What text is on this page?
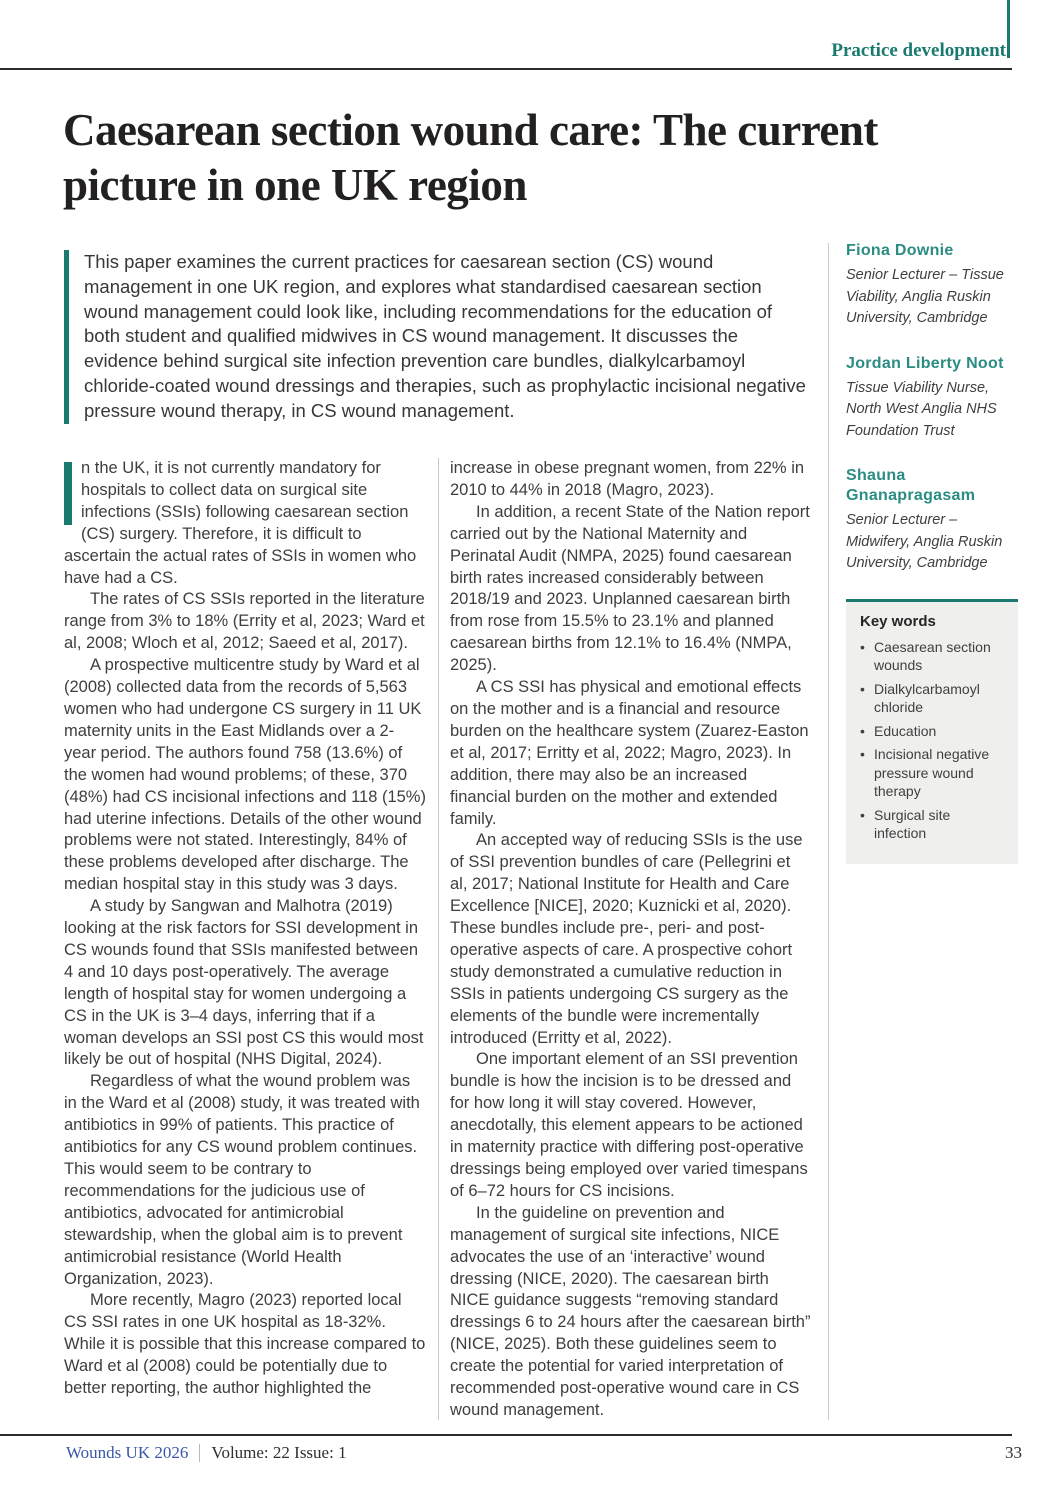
Practice development
Caesarean section wound care: The current picture in one UK region
This paper examines the current practices for caesarean section (CS) wound management in one UK region, and explores what standardised caesarean section wound management could look like, including recommendations for the education of both student and qualified midwives in CS wound management. It discusses the evidence behind surgical site infection prevention care bundles, dialkylcarbamoyl chloride-coated wound dressings and therapies, such as prophylactic incisional negative pressure wound therapy, in CS wound management.

n the UK, it is not currently mandatory for hospitals to collect data on surgical site infections (SSIs) following caesarean section (CS) surgery. Therefore, it is difficult to ascertain the actual rates of SSIs in women who have had a CS.

The rates of CS SSIs reported in the literature range from 3% to 18% (Errity et al, 2023; Ward et al, 2008; Wloch et al, 2012; Saeed et al, 2017).

A prospective multicentre study by Ward et al (2008) collected data from the records of 5,563 women who had undergone CS surgery in 11 UK maternity units in the East Midlands over a 2-year period. The authors found 758 (13.6%) of the women had wound problems; of these, 370 (48%) had CS incisional infections and 118 (15%) had uterine infections. Details of the other wound problems were not stated. Interestingly, 84% of these problems developed after discharge. The median hospital stay in this study was 3 days.

A study by Sangwan and Malhotra (2019) looking at the risk factors for SSI development in CS wounds found that SSIs manifested between 4 and 10 days post-operatively. The average length of hospital stay for women undergoing a CS in the UK is 3–4 days, inferring that if a woman develops an SSI post CS this would most likely be out of hospital (NHS Digital, 2024).

Regardless of what the wound problem was in the Ward et al (2008) study, it was treated with antibiotics in 99% of patients. This practice of antibiotics for any CS wound problem continues. This would seem to be contrary to recommendations for the judicious use of antibiotics, advocated for antimicrobial stewardship, when the global aim is to prevent antimicrobial resistance (World Health Organization, 2023).

More recently, Magro (2023) reported local CS SSI rates in one UK hospital as 18-32%. While it is possible that this increase compared to Ward et al (2008) could be potentially due to better reporting, the author highlighted the

increase in obese pregnant women, from 22% in 2010 to 44% in 2018 (Magro, 2023).

In addition, a recent State of the Nation report carried out by the National Maternity and Perinatal Audit (NMPA, 2025) found caesarean birth rates increased considerably between 2018/19 and 2023. Unplanned caesarean birth from rose from 15.5% to 23.1% and planned caesarean births from 12.1% to 16.4% (NMPA, 2025).

A CS SSI has physical and emotional effects on the mother and is a financial and resource burden on the healthcare system (Zuarez-Easton et al, 2017; Erritty et al, 2022; Magro, 2023). In addition, there may also be an increased financial burden on the mother and extended family.

An accepted way of reducing SSIs is the use of SSI prevention bundles of care (Pellegrini et al, 2017; National Institute for Health and Care Excellence [NICE], 2020; Kuznicki et al, 2020). These bundles include pre-, peri- and post-operative aspects of care. A prospective cohort study demonstrated a cumulative reduction in SSIs in patients undergoing CS surgery as the elements of the bundle were incrementally introduced (Erritty et al, 2022).

One important element of an SSI prevention bundle is how the incision is to be dressed and for how long it will stay covered. However, anecdotally, this element appears to be actioned in maternity practice with differing post-operative dressings being employed over varied timespans of 6–72 hours for CS incisions.

In the guideline on prevention and management of surgical site infections, NICE advocates the use of an ‘interactive’ wound dressing (NICE, 2020). The caesarean birth NICE guidance suggests “removing standard dressings 6 to 24 hours after the caesarean birth” (NICE, 2025). Both these guidelines seem to create the potential for varied interpretation of recommended post-operative wound care in CS wound management.

Fiona Downie
Senior Lecturer – Tissue Viability, Anglia Ruskin University, Cambridge
Jordan Liberty Noot
Tissue Viability Nurse, North West Anglia NHS Foundation Trust
Shauna Gnanapragasam
Senior Lecturer – Midwifery, Anglia Ruskin University, Cambridge
Key words
•
Caesarean section wounds
•
Dialkylcarbamoyl chloride
•
Education
•
Incisional negative pressure wound therapy
•
Surgical site infection
Wounds UK 2026 Volume: 22 Issue: 1	33
